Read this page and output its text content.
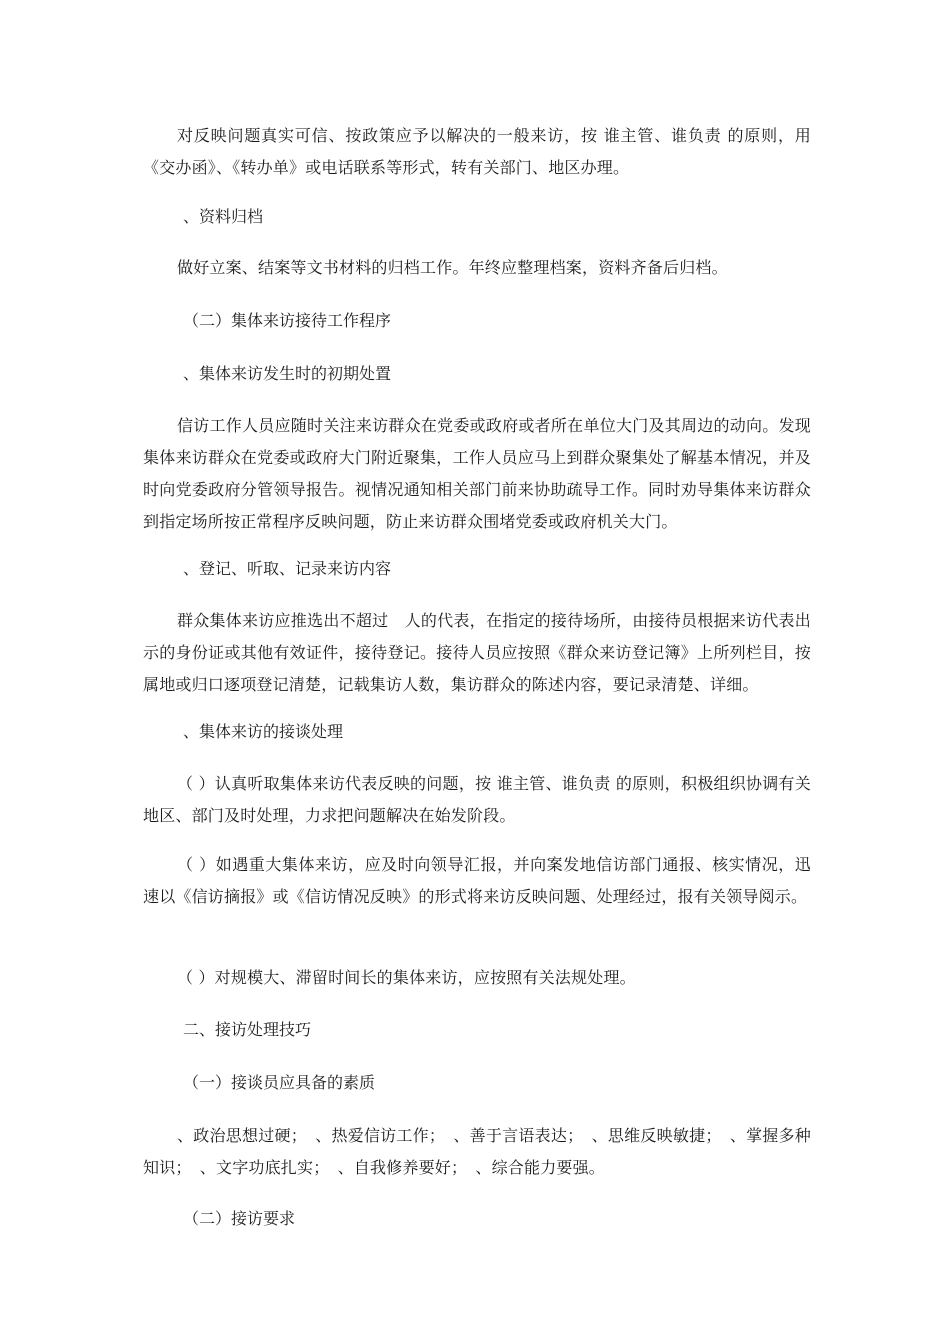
对反映问题真实可信、按政策应予以解决的一般来访，按 谁主管、谁负责 的原则，用《交办函》、《转办单》或电话联系等形式，转有关部门、地区办理。

、资料归档

做好立案、结案等文书材料的归档工作。年终应整理档案，资料齐备后归档。

（二）集体来访接待工作程序

、集体来访发生时的初期处置

信访工作人员应随时关注来访群众在党委或政府或者所在单位大门及其周边的动向。发现集体来访群众在党委或政府大门附近聚集，工作人员应马上到群众聚集处了解基本情况，并及时向党委政府分管领导报告。视情况通知相关部门前来协助疏导工作。同时劝导集体来访群众到指定场所按正常程序反映问题，防止来访群众围堵党委或政府机关大门。

、登记、听取、记录来访内容

群众集体来访应推选出不超过　人的代表，在指定的接待场所，由接待员根据来访代表出示的身份证或其他有效证件，接待登记。接待人员应按照《群众来访登记簿》上所列栏目，按属地或归口逐项登记清楚，记载集访人数，集访群众的陈述内容，要记录清楚、详细。

、集体来访的接谈处理

（ ）认真听取集体来访代表反映的问题，按 谁主管、谁负责 的原则，积极组织协调有关地区、部门及时处理，力求把问题解决在始发阶段。

（ ）如遇重大集体来访，应及时向领导汇报，并向案发地信访部门通报、核实情况，迅速以《信访摘报》或《信访情况反映》的形式将来访反映问题、处理经过，报有关领导阅示。

（ ）对规模大、滞留时间长的集体来访，应按照有关法规处理。

二、接访处理技巧

（一）接谈员应具备的素质

、政治思想过硬；　、热爱信访工作；　、善于言语表达；　、思维反映敏捷；　、掌握多种知识；　、文字功底扎实；　、自我修养要好；　、综合能力要强。

（二）接访要求
